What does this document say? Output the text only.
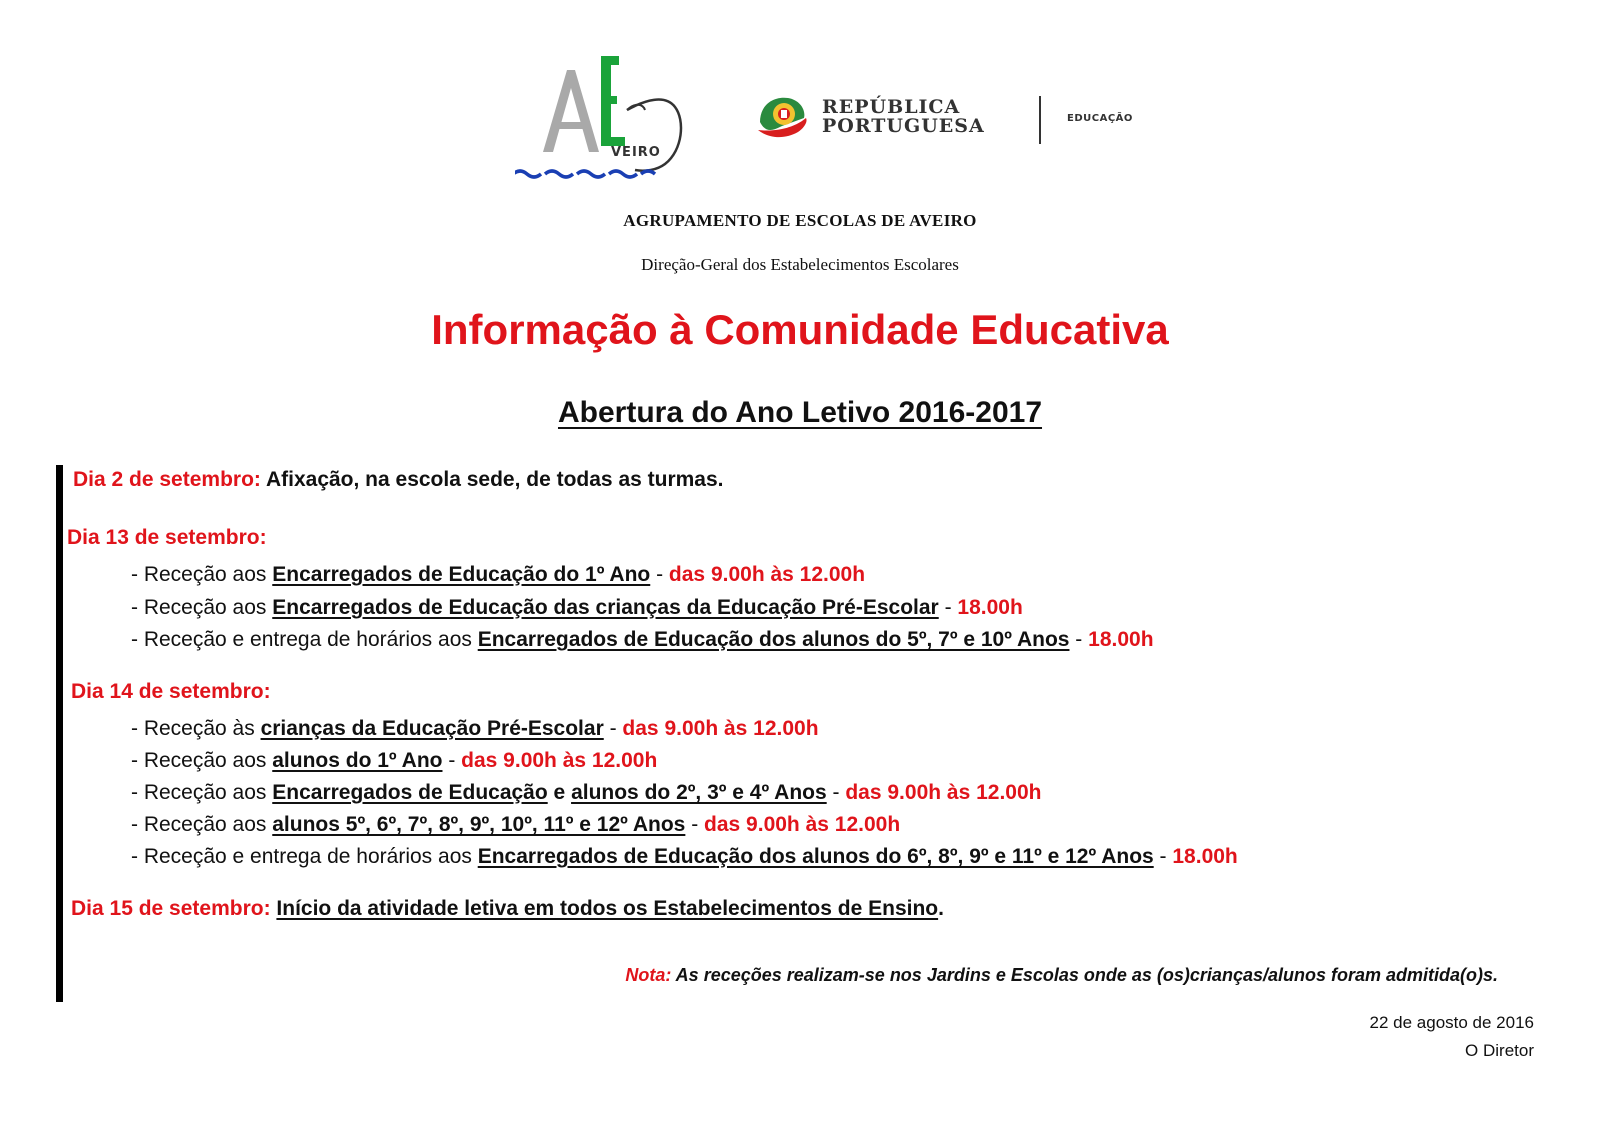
VEIRO
REPÚBLICA
PORTUGUESA	EDUCAÇÃO
AGRUPAMENTO DE ESCOLAS DE AVEIRO
Direção-Geral dos Estabelecimentos Escolares
Informação à Comunidade Educativa
Abertura do Ano Letivo 2016-2017
Dia 2 de setembro: Afixação, na escola sede, de todas as turmas.
Dia 13 de setembro:
- Receção aos Encarregados de Educação do 1º Ano - das 9.00h às 12.00h
- Receção aos Encarregados de Educação das crianças da Educação Pré-Escolar - 18.00h
- Receção e entrega de horários aos Encarregados de Educação dos alunos do 5º, 7º e 10º Anos - 18.00h
Dia 14 de setembro:
- Receção às crianças da Educação Pré-Escolar - das 9.00h às 12.00h
- Receção aos alunos do 1º Ano - das 9.00h às 12.00h
- Receção aos Encarregados de Educação e alunos do 2º, 3º e 4º Anos - das 9.00h às 12.00h
- Receção aos alunos 5º, 6º, 7º, 8º, 9º, 10º, 11º e 12º Anos - das 9.00h às 12.00h
- Receção e entrega de horários aos Encarregados de Educação dos alunos do 6º, 8º, 9º e 11º e 12º Anos - 18.00h
Dia 15 de setembro: Início da atividade letiva em todos os Estabelecimentos de Ensino.
Nota: As receções realizam-se nos Jardins e Escolas onde as (os)crianças/alunos foram admitida(o)s.
22 de agosto de 2016
O Diretor
